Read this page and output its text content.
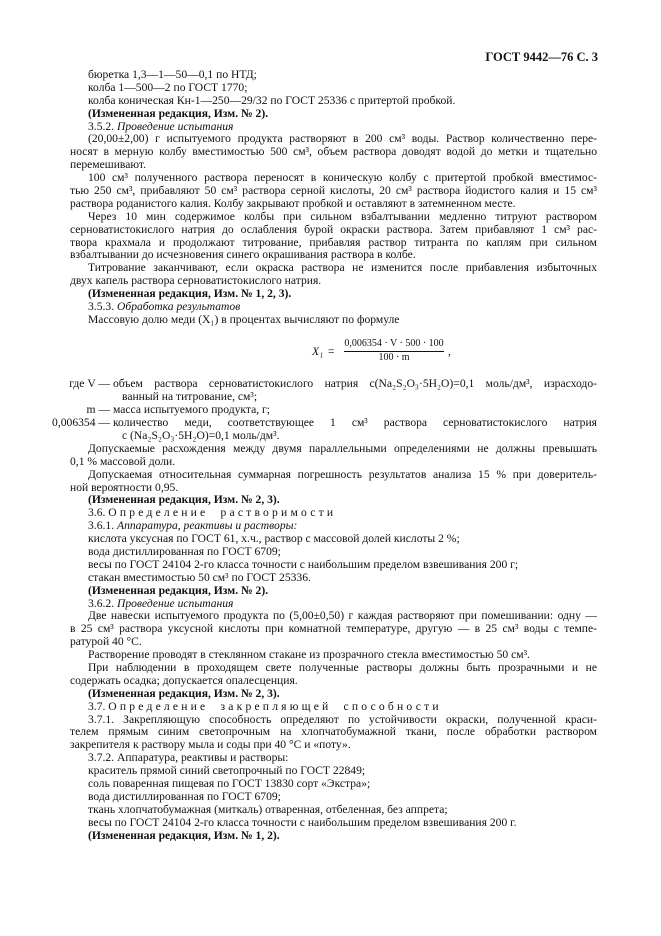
ГОСТ 9442—76 С. 3
бюретка 1,3—1—50—0,1 по НТД;
колба 1—500—2 по ГОСТ 1770;
колба коническая Кн-1—250—29/32 по ГОСТ 25336 с притертой пробкой.
(Измененная редакция, Изм. № 2).
3.5.2. Проведение испытания
(20,00±2,00) г испытуемого продукта растворяют в 200 см³ воды. Раствор количественно пере-
носят в мерную колбу вместимостью 500 см³, объем раствора доводят водой до метки и тщательно
перемешивают.
100 см³ полученного раствора переносят в коническую колбу с притертой пробкой вместимос-
тью 250 см³, прибавляют 50 см³ раствора серной кислоты, 20 см³ раствора йодистого калия и 15 см³
раствора роданистого калия. Колбу закрывают пробкой и оставляют в затемненном месте.
Через 10 мин содержимое колбы при сильном взбалтывании медленно титруют раствором
серноватистокислого натрия до ослабления бурой окраски раствора. Затем прибавляют 1 см³ рас-
твора крахмала и продолжают титрование, прибавляя раствор титранта по каплям при сильном
взбалтывании до исчезновения синего окрашивания раствора в колбе.
Титрование заканчивают, если окраска раствора не изменится после прибавления избыточных
двух капель раствора серноватистокислого натрия.
(Измененная редакция, Изм. № 1, 2, 3).
3.5.3. Обработка результатов
Массовую долю меди (X₁) в процентах вычисляют по формуле
$X_1 = \frac{0,006354 \cdot V \cdot 500 \cdot 100}{100 \cdot m}$ ,
где V — объем раствора серноватистокислого натрия c(Na₂S₂O₃·5H₂O)=0,1 моль/дм³, израсходо-
ванный на титрование, см³;
m — масса испытуемого продукта, г;
0,006354 — количество меди, соответствующее 1 см³ раствора серноватистокислого натрия
c (Na₂S₂O₃·5H₂O)=0,1 моль/дм³.
Допускаемые расхождения между двумя параллельными определениями не должны превышать
0,1 % массовой доли.
Допускаемая относительная суммарная погрешность результатов анализа 15 % при доверитель-
ной вероятности 0,95.
(Измененная редакция, Изм. № 2, 3).
3.6. Определение растворимости
3.6.1. Аппаратура, реактивы и растворы:
кислота уксусная по ГОСТ 61, х.ч., раствор с массовой долей кислоты 2 %;
вода дистиллированная по ГОСТ 6709;
весы по ГОСТ 24104 2-го класса точности с наибольшим пределом взвешивания 200 г;
стакан вместимостью 50 см³ по ГОСТ 25336.
(Измененная редакция, Изм. № 2).
3.6.2. Проведение испытания
Две навески испытуемого продукта по (5,00±0,50) г каждая растворяют при помешивании: одну —
в 25 см³ раствора уксусной кислоты при комнатной температуре, другую — в 25 см³ воды с темпе-
ратурой 40 °С.
Растворение проводят в стеклянном стакане из прозрачного стекла вместимостью 50 см³.
При наблюдении в проходящем свете полученные растворы должны быть прозрачными и не
содержать осадка; допускается опалесценция.
(Измененная редакция, Изм. № 2, 3).
3.7. Определение закрепляющей способности
3.7.1. Закрепляющую способность определяют по устойчивости окраски, полученной краси-
телем прямым синим светопрочным на хлопчатобумажной ткани, после обработки раствором
закрепителя к раствору мыла и соды при 40 °С и «поту».
3.7.2. Аппаратура, реактивы и растворы:
краситель прямой синий светопрочный по ГОСТ 22849;
соль поваренная пищевая по ГОСТ 13830 сорт «Экстра»;
вода дистиллированная по ГОСТ 6709;
ткань хлопчатобумажная (миткаль) отваренная, отбеленная, без аппрета;
весы по ГОСТ 24104 2-го класса точности с наибольшим пределом взвешивания 200 г.
(Измененная редакция, Изм. № 1, 2).
